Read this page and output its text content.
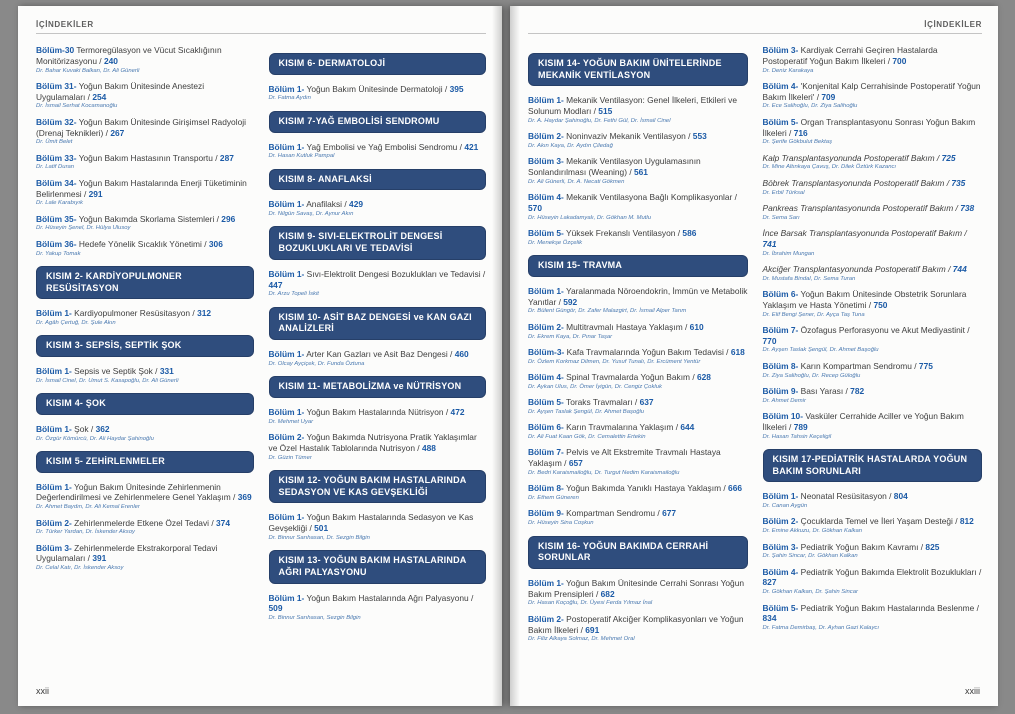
İÇİNDEKİLER
Bölüm-30 Termoregülasyon ve Vücut Sıcaklığının Monitörizasyonu / 240
Dr. Bahar Kuvaki Balkan, Dr. Ali Günerli
Bölüm 31- Yoğun Bakım Ünitesinde Anestezi Uygulamaları / 254
Dr. İsmail Serhat Kocamanoğlu
Bölüm 32- Yoğun Bakım Ünitesinde Girişimsel Radyoloji (Drenaj Teknikleri) / 267
Dr. Ümit Belet
Bölüm 33- Yoğun Bakım Hastasının Transportu / 287
Dr. Latif Duran
Bölüm 34- Yoğun Bakım Hastalarında Enerji Tüketiminin Belirlenmesi / 291
Dr. Lale Karabıyık
Bölüm 35- Yoğun Bakımda Skorlama Sistemleri / 296
Dr. Hüseyin Şenel, Dr. Hülya Ulusoy
Bölüm 36- Hedefe Yönelik Sıcaklık Yönetimi / 306
Dr. Yakup Tomak
KISIM 2- KARDİYOPULMONER RESÜSİTASYON
Bölüm 1- Kardiyopulmoner Resüsitasyon / 312
Dr. Agâh Çertuğ, Dr. Şule Akın
KISIM 3- SEPSİS, SEPTİK ŞOK
Bölüm 1- Sepsis ve Septik Şok / 331
Dr. İsmail Cinel, Dr. Umut S. Kasapoğlu, Dr. Ali Günerli
KISIM 4- ŞOK
Bölüm 1- Şok / 362
Dr. Özgür Kömürcü, Dr. Ali Haydar Şahinoğlu
KISIM 5- ZEHİRLENMELER
Bölüm 1- Yoğun Bakım Ünitesinde Zehirlenmenin Değerlendirilmesi ve Zehirlenmelere Genel Yaklaşım / 369
Dr. Ahmet Baydın, Dr. Ali Kemal Erenler
Bölüm 2- Zehirlenmelerde Etkene Özel Tedavi / 374
Dr. Türker Yardan, Dr. İskender Aksoy
Bölüm 3- Zehirlenmelerde Ekstrakorporal Tedavi Uygulamaları / 391
Dr. Celal Katı, Dr. İskender Aksoy
KISIM 6- DERMATOLOJİ
Bölüm 1- Yoğun Bakım Ünitesinde Dermatoloji / 395
Dr. Fatma Aydın
KISIM 7-YAĞ EMBOLİSİ SENDROMU
Bölüm 1- Yağ Embolisi ve Yağ Embolisi Sendromu / 421
Dr. Hasan Kutluk Pampal
KISIM 8- ANAFLAKSİ
Bölüm 1- Anafilaksi / 429
Dr. Nilgün Savaş, Dr. Aynur Akın
KISIM 9- SIVI-ELEKTROLİT DENGESİ BOZUKLUKLARI VE TEDAVİSİ
Bölüm 1- Sıvı-Elektrolit Dengesi Bozuklukları ve Tedavisi / 447
Dr. Arzu Topeli İskit
KISIM 10- ASİT BAZ DENGESİ ve KAN GAZI ANALİZLERİ
Bölüm 1- Arter Kan Gazları ve Asit Baz Dengesi / 460
Dr. Olcay Ayçiçek, Dr. Funda Öztuna
KISIM 11- METABOLİZMA ve NÜTRİSYON
Bölüm 1- Yoğun Bakım Hastalarında Nütrisyon / 472
Dr. Mehmet Uyar
Bölüm 2- Yoğun Bakımda Nutrisyona Pratik Yaklaşımlar ve Özel Hastalık Tablolarında Nutrisyon / 488
Dr. Güzin Tümer
KISIM 12- YOĞUN BAKIM HASTALARINDA SEDASYON VE KAS GEVŞEKLİĞİ
Bölüm 1- Yoğun Bakım Hastalarında Sedasyon ve Kas Gevşekliği / 501
Dr. Binnur Sarıhasan, Dr. Sezgin Bilgin
KISIM 13- YOĞUN BAKIM HASTALARINDA AĞRI PALYASYONU
Bölüm 1- Yoğun Bakım Hastalarında Ağrı Palyasyonu / 509
Dr. Binnur Sarıhasan, Sezgin Bilgin
xxii
İÇİNDEKİLER
KISIM 14- YOĞUN BAKIM ÜNİTELERİNDE MEKANİK VENTİLASYON
Bölüm 1- Mekanik Ventilasyon: Genel İlkeleri, Etkileri ve Solunum Modları / 515
Dr. A. Haydar Şahinoğlu, Dr. Fethi Gül, Dr. İsmail Cinel
Bölüm 2- Noninvaziv Mekanik Ventilasyon / 553
Dr. Akın Kaya, Dr. Aydın Çiledağ
Bölüm 3- Mekanik Ventilasyon Uygulamasının Sonlandırılması (Weaning) / 561
Dr. Ali Günerli, Dr. A. Necati Gökmen
Bölüm 4- Mekanik Ventilasyona Bağlı Komplikasyonlar / 570
Dr. Hüseyin Lakadamyalı, Dr. Gökhan M. Mutlu
Bölüm 5- Yüksek Frekanslı Ventilasyon / 586
Dr. Menekşe Özçelik
KISIM 15- TRAVMA
Bölüm 1- Yaralanmada Nöroendokrin, İmmün ve Metabolik Yanıtlar / 592
Dr. Bülent Güngör, Dr. Zafer Malazgirt, Dr. İsmail Alper Tarım
Bölüm 2- Multitravmalı Hastaya Yaklaşım / 610
Dr. Ekrem Kaya, Dr. Pınar Taşar
Bölüm-3- Kafa Travmalarında Yoğun Bakım Tedavisi / 618
Dr. Özlem Korkmaz Dilmen, Dr. Yusuf Tunalı, Dr. Ercüment Yentür
Bölüm 4- Spinal Travmalarda Yoğun Bakım / 628
Dr. Aykan Ulus, Dr. Ömer İyigün, Dr. Cengiz Çokluk
Bölüm 5- Toraks Travmaları / 637
Dr. Ayşen Taslak Şengül, Dr. Ahmet Başoğlu
Bölüm 6- Karın Travmalarına Yaklaşım / 644
Dr. Ali Fuat Kaan Gök, Dr. Cemalettin Ertekin
Bölüm 7- Pelvis ve Alt Ekstremite Travmalı Hastaya Yaklaşım / 657
Dr. Bedri Karaismailoğlu, Dr. Turgut Nedim Karaismailoğlu
Bölüm 8- Yoğun Bakımda Yanıklı Hastaya Yaklaşım / 666
Dr. Ethem Güneren
Bölüm 9- Kompartman Sendromu / 677
Dr. Hüseyin Sina Coşkun
KISIM 16- YOĞUN BAKIMDA CERRAHİ SORUNLAR
Bölüm 1- Yoğun Bakım Ünitesinde Cerrahi Sonrası Yoğun Bakım Prensipleri / 682
Dr. Hasan Koçoğlu, Dr. Üyesi Ferda Yılmaz İnal
Bölüm 2- Postoperatif Akciğer Komplikasyonları ve Yoğun Bakım İlkeleri / 691
Dr. Filiz Alkaya Solmaz, Dr. Mehmet Oral
Bölüm 3- Kardiyak Cerrahi Geçiren Hastalarda Postoperatif Yoğun Bakım İlkeleri / 700
Dr. Deniz Karakaya
Bölüm 4- 'Konjenital Kalp Cerrahisinde Postoperatif Yoğun Bakım İlkeleri' / 709
Dr. Ece Salihoğlu, Dr. Ziya Salihoğlu
Bölüm 5- Organ Transplantasyonu Sonrası Yoğun Bakım İlkeleri / 716
Dr. Şerife Gökbulut Bektaş
Kalp Transplantasyonunda Postoperatif Bakım / 725
Dr. Mine Altınkaya Çavuş, Dr. Dilek Öztürk Kazancı
Böbrek Transplantasyonunda Postoperatif Bakım / 735
Dr. Erbil Türksal
Pankreas Transplantasyonunda Postoperatif Bakım / 738
Dr. Sema Sarı
İnce Barsak Transplantasyonunda Postoperatif Bakım / 741
Dr. İbrahim Mungan
Akciğer Transplantasyonunda Postoperatif Bakım / 744
Dr. Mustafa Bindal, Dr. Sema Turan
Bölüm 6- Yoğun Bakım Ünitesinde Obstetrik Sorunlara Yaklaşım ve Hasta Yönetimi / 750
Dr. Elif Bengi Şener, Dr. Ayça Taş Tuna
Bölüm 7- Özofagus Perforasyonu ve Akut Mediyastinit / 770
Dr. Ayşen Taslak Şengül, Dr. Ahmet Başoğlu
Bölüm 8- Karın Kompartman Sendromu / 775
Dr. Ziya Salihoğlu, Dr. Recep Güloğlu
Bölüm 9- Bası Yarası / 782
Dr. Ahmet Demir
Bölüm 10- Vasküler Cerrahide Aciller ve Yoğun Bakım İlkeleri / 789
Dr. Hasan Tahsin Keçeligil
KISIM 17-PEDİATRİK HASTALARDA YOĞUN BAKIM SORUNLARI
Bölüm 1- Neonatal Resüsitasyon / 804
Dr. Canan Aygün
Bölüm 2- Çocuklarda Temel ve İleri Yaşam Desteği / 812
Dr. Emine Akkuzu, Dr. Gökhan Kalkan
Bölüm 3- Pediatrik Yoğun Bakım Kavramı / 825
Dr. Şahin Sincar, Dr. Gökhan Kalkan
Bölüm 4- Pediatrik Yoğun Bakımda Elektrolit Bozuklukları / 827
Dr. Gökhan Kalkan, Dr. Şahin Sincar
Bölüm 5- Pediatrik Yoğun Bakım Hastalarında Beslenme / 834
Dr. Fatma Demirbaş, Dr. Ayhan Gazi Kalaycı
xxiii
